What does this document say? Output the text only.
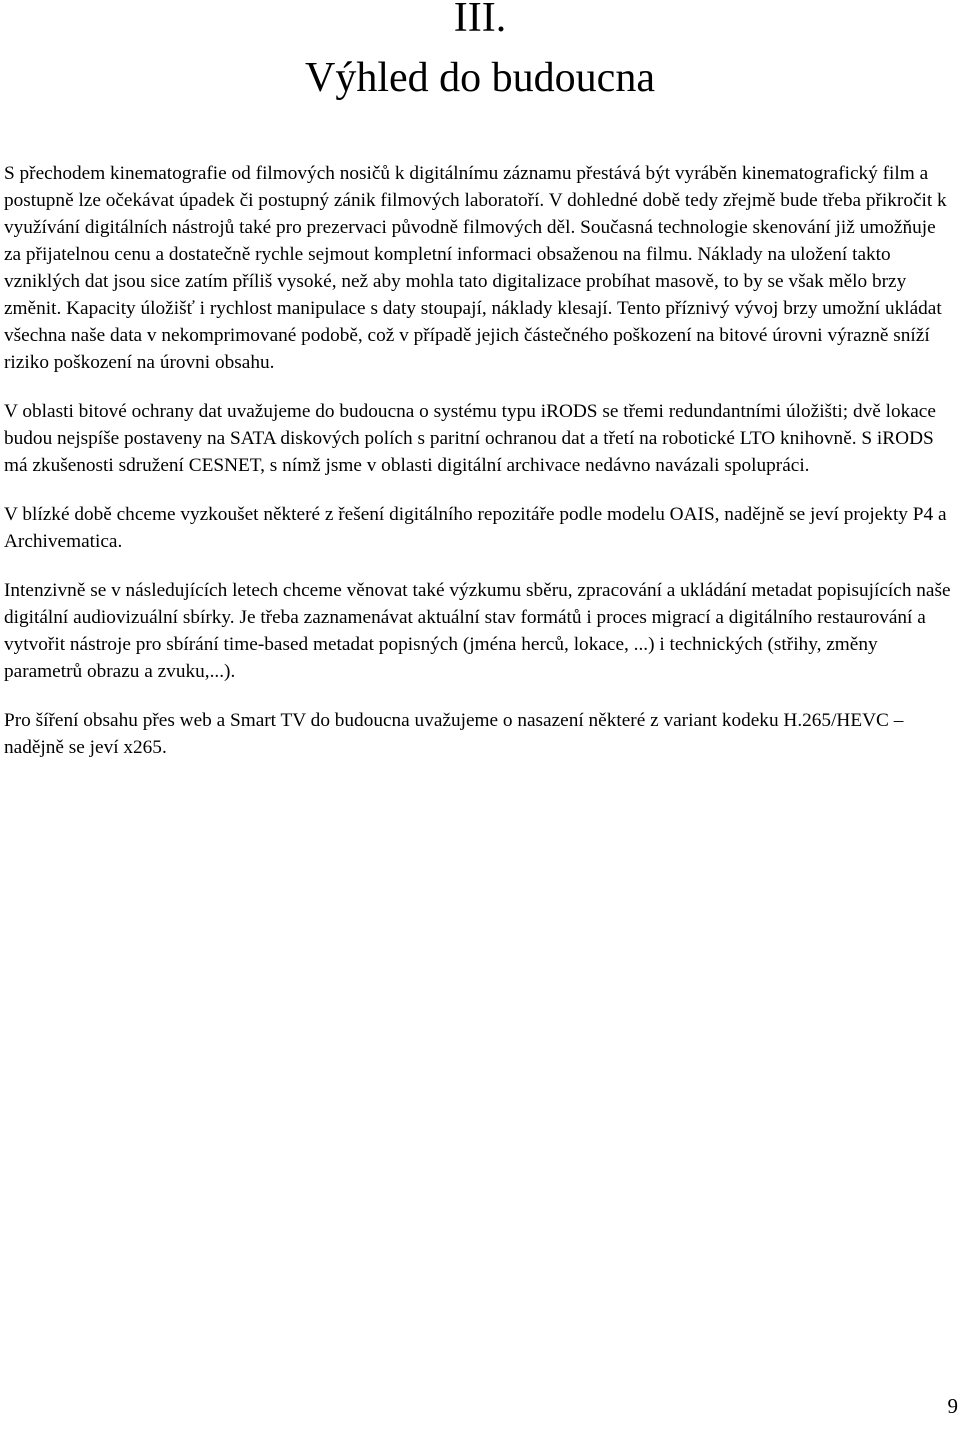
III.
Výhled do budoucna

S přechodem kinematografie od filmových nosičů k digitálnímu záznamu přestává být vyráběn kinematografický film a postupně lze očekávat úpadek či postupný zánik filmových laboratoří. V dohledné době tedy zřejmě bude třeba přikročit k využívání digitálních nástrojů také pro prezervaci původně filmových děl. Současná technologie skenování již umožňuje za přijatelnou cenu a dostatečně rychle sejmout kompletní informaci obsaženou na filmu. Náklady na uložení takto vzniklých dat jsou sice zatím příliš vysoké, než aby mohla tato digitalizace probíhat masově, to by se však mělo brzy změnit. Kapacity úložišť i rychlost manipulace s daty stoupají, náklady klesají. Tento příznivý vývoj brzy umožní ukládat všechna naše data v nekomprimované podobě, což v případě jejich částečného poškození na bitové úrovni výrazně sníží riziko poškození na úrovni obsahu.

V oblasti bitové ochrany dat uvažujeme do budoucna o systému typu iRODS se třemi redundantními úložišti; dvě lokace budou nejspíše postaveny na SATA diskových polích s paritní ochranou dat a třetí na robotické LTO knihovně. S iRODS má zkušenosti sdružení CESNET, s nímž jsme v oblasti digitální archivace nedávno navázali spolupráci.

V blízké době chceme vyzkoušet některé z řešení digitálního repozitáře podle modelu OAIS, nadějně se jeví projekty P4 a Archivematica.

Intenzivně se v následujících letech chceme věnovat také výzkumu sběru, zpracování a ukládání metadat popisujících naše digitální audiovizuální sbírky. Je třeba zaznamenávat aktuální stav formátů i proces migrací a digitálního restaurování a vytvořit nástroje pro sbírání time-based metadat popisných (jména herců, lokace, ...) i technických (střihy, změny parametrů obrazu a zvuku,...).

Pro šíření obsahu přes web a Smart TV do budoucna uvažujeme o nasazení některé z variant kodeku H.265/HEVC – nadějně se jeví x265.

9
